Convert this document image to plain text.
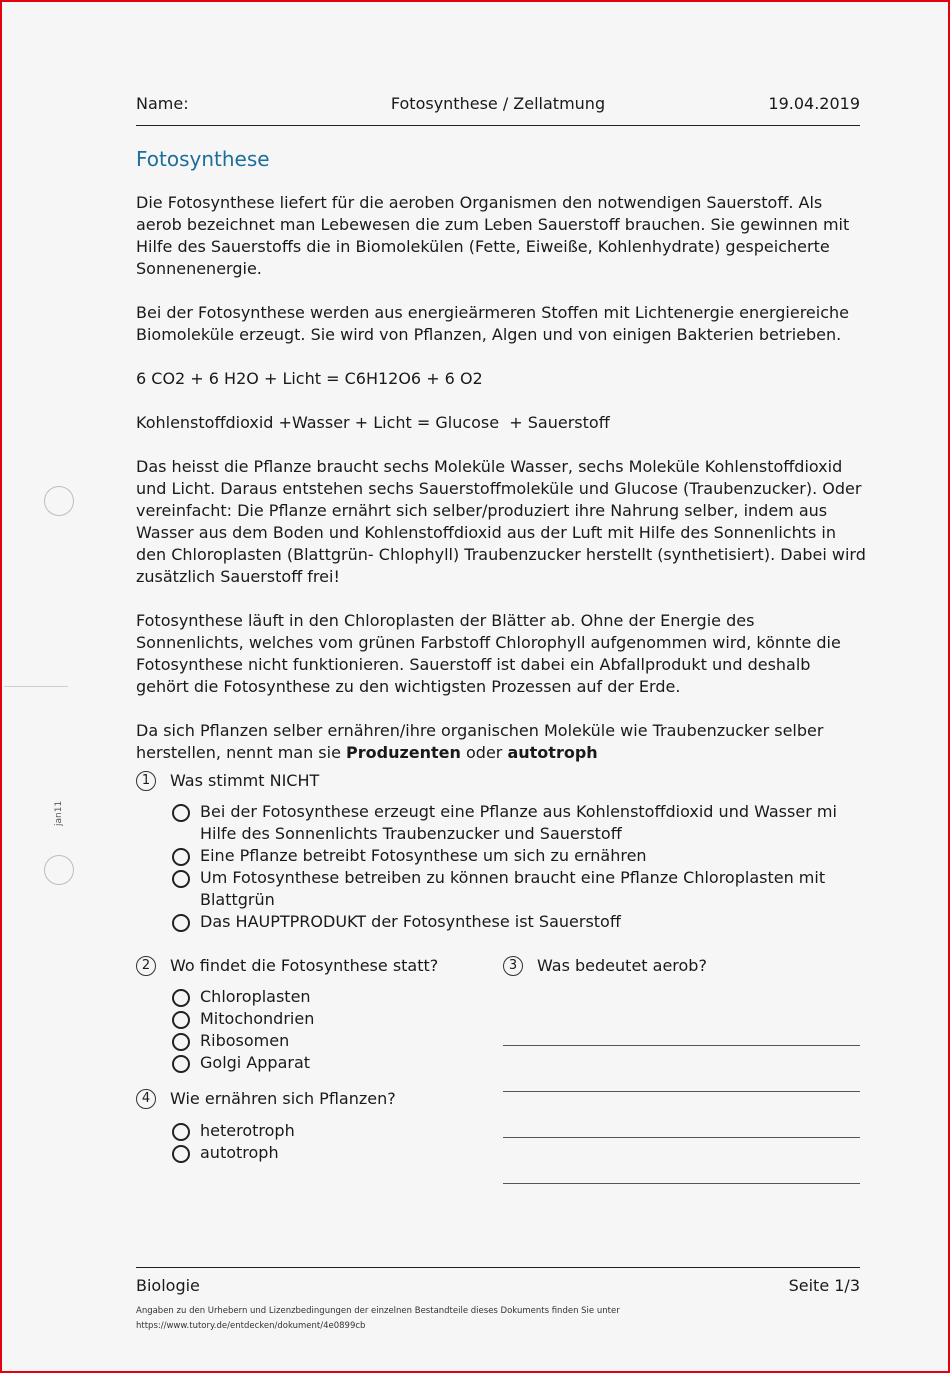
jan11
Name:	Fotosynthese / Zellatmung	19.04.2019
Fotosynthese

Die Fotosynthese liefert für die aeroben Organismen den notwendigen Sauerstoff. Als aerob bezeichnet man Lebewesen die zum Leben Sauerstoff brauchen. Sie gewinnen mit Hilfe des Sauerstoffs die in Biomolekülen (Fette, Eiweiße, Kohlenhydrate) gespeicherte Sonnenenergie.

Bei der Fotosynthese werden aus energieärmeren Stoffen mit Lichtenergie energiereiche Biomoleküle erzeugt. Sie wird von Pflanzen, Algen und von einigen Bakterien betrieben.

6 CO2 + 6 H2O + Licht = C6H12O6 + 6 O2

Kohlenstoffdioxid +Wasser + Licht = Glucose  + Sauerstoff

Das heisst die Pflanze braucht sechs Moleküle Wasser, sechs Moleküle Kohlenstoffdioxid und Licht. Daraus entstehen sechs Sauerstoffmoleküle und Glucose (Traubenzucker). Oder vereinfacht: Die Pflanze ernährt sich selber/produziert ihre Nahrung selber, indem aus Wasser aus dem Boden und Kohlenstoffdioxid aus der Luft mit Hilfe des Sonnenlichts in den Chloroplasten (Blattgrün- Chlophyll) Traubenzucker herstellt (synthetisiert). Dabei wird zusätzlich Sauerstoff frei!

Fotosynthese läuft in den Chloroplasten der Blätter ab. Ohne der Energie des Sonnenlichts, welches vom grünen Farbstoff Chlorophyll aufgenommen wird, könnte die Fotosynthese nicht funktionieren. Sauerstoff ist dabei ein Abfallprodukt und deshalb gehört die Fotosynthese zu den wichtigsten Prozessen auf der Erde.

Da sich Pflanzen selber ernähren/ihre organischen Moleküle wie Traubenzucker selber herstellen, nennt man sie Produzenten oder autotroph

1	Was stimmt NICHT
Bei der Fotosynthese erzeugt eine Pflanze aus Kohlenstoffdioxid und Wasser mi Hilfe des Sonnenlichts Traubenzucker und Sauerstoff
Eine Pflanze betreibt Fotosynthese um sich zu ernähren
Um Fotosynthese betreiben zu können braucht eine Pflanze Chloroplasten mit Blattgrün
Das HAUPTPRODUKT der Fotosynthese ist Sauerstoff
2	Wo findet die Fotosynthese statt?
Chloroplasten
Mitochondrien
Ribosomen
Golgi Apparat
3	Was bedeutet aerob?
4	Wie ernähren sich Pflanzen?
heterotroph
autotroph
Biologie	Seite 1/3
Angaben zu den Urhebern und Lizenzbedingungen der einzelnen Bestandteile dieses Dokuments finden Sie unter
https://www.tutory.de/entdecken/dokument/4e0899cb
